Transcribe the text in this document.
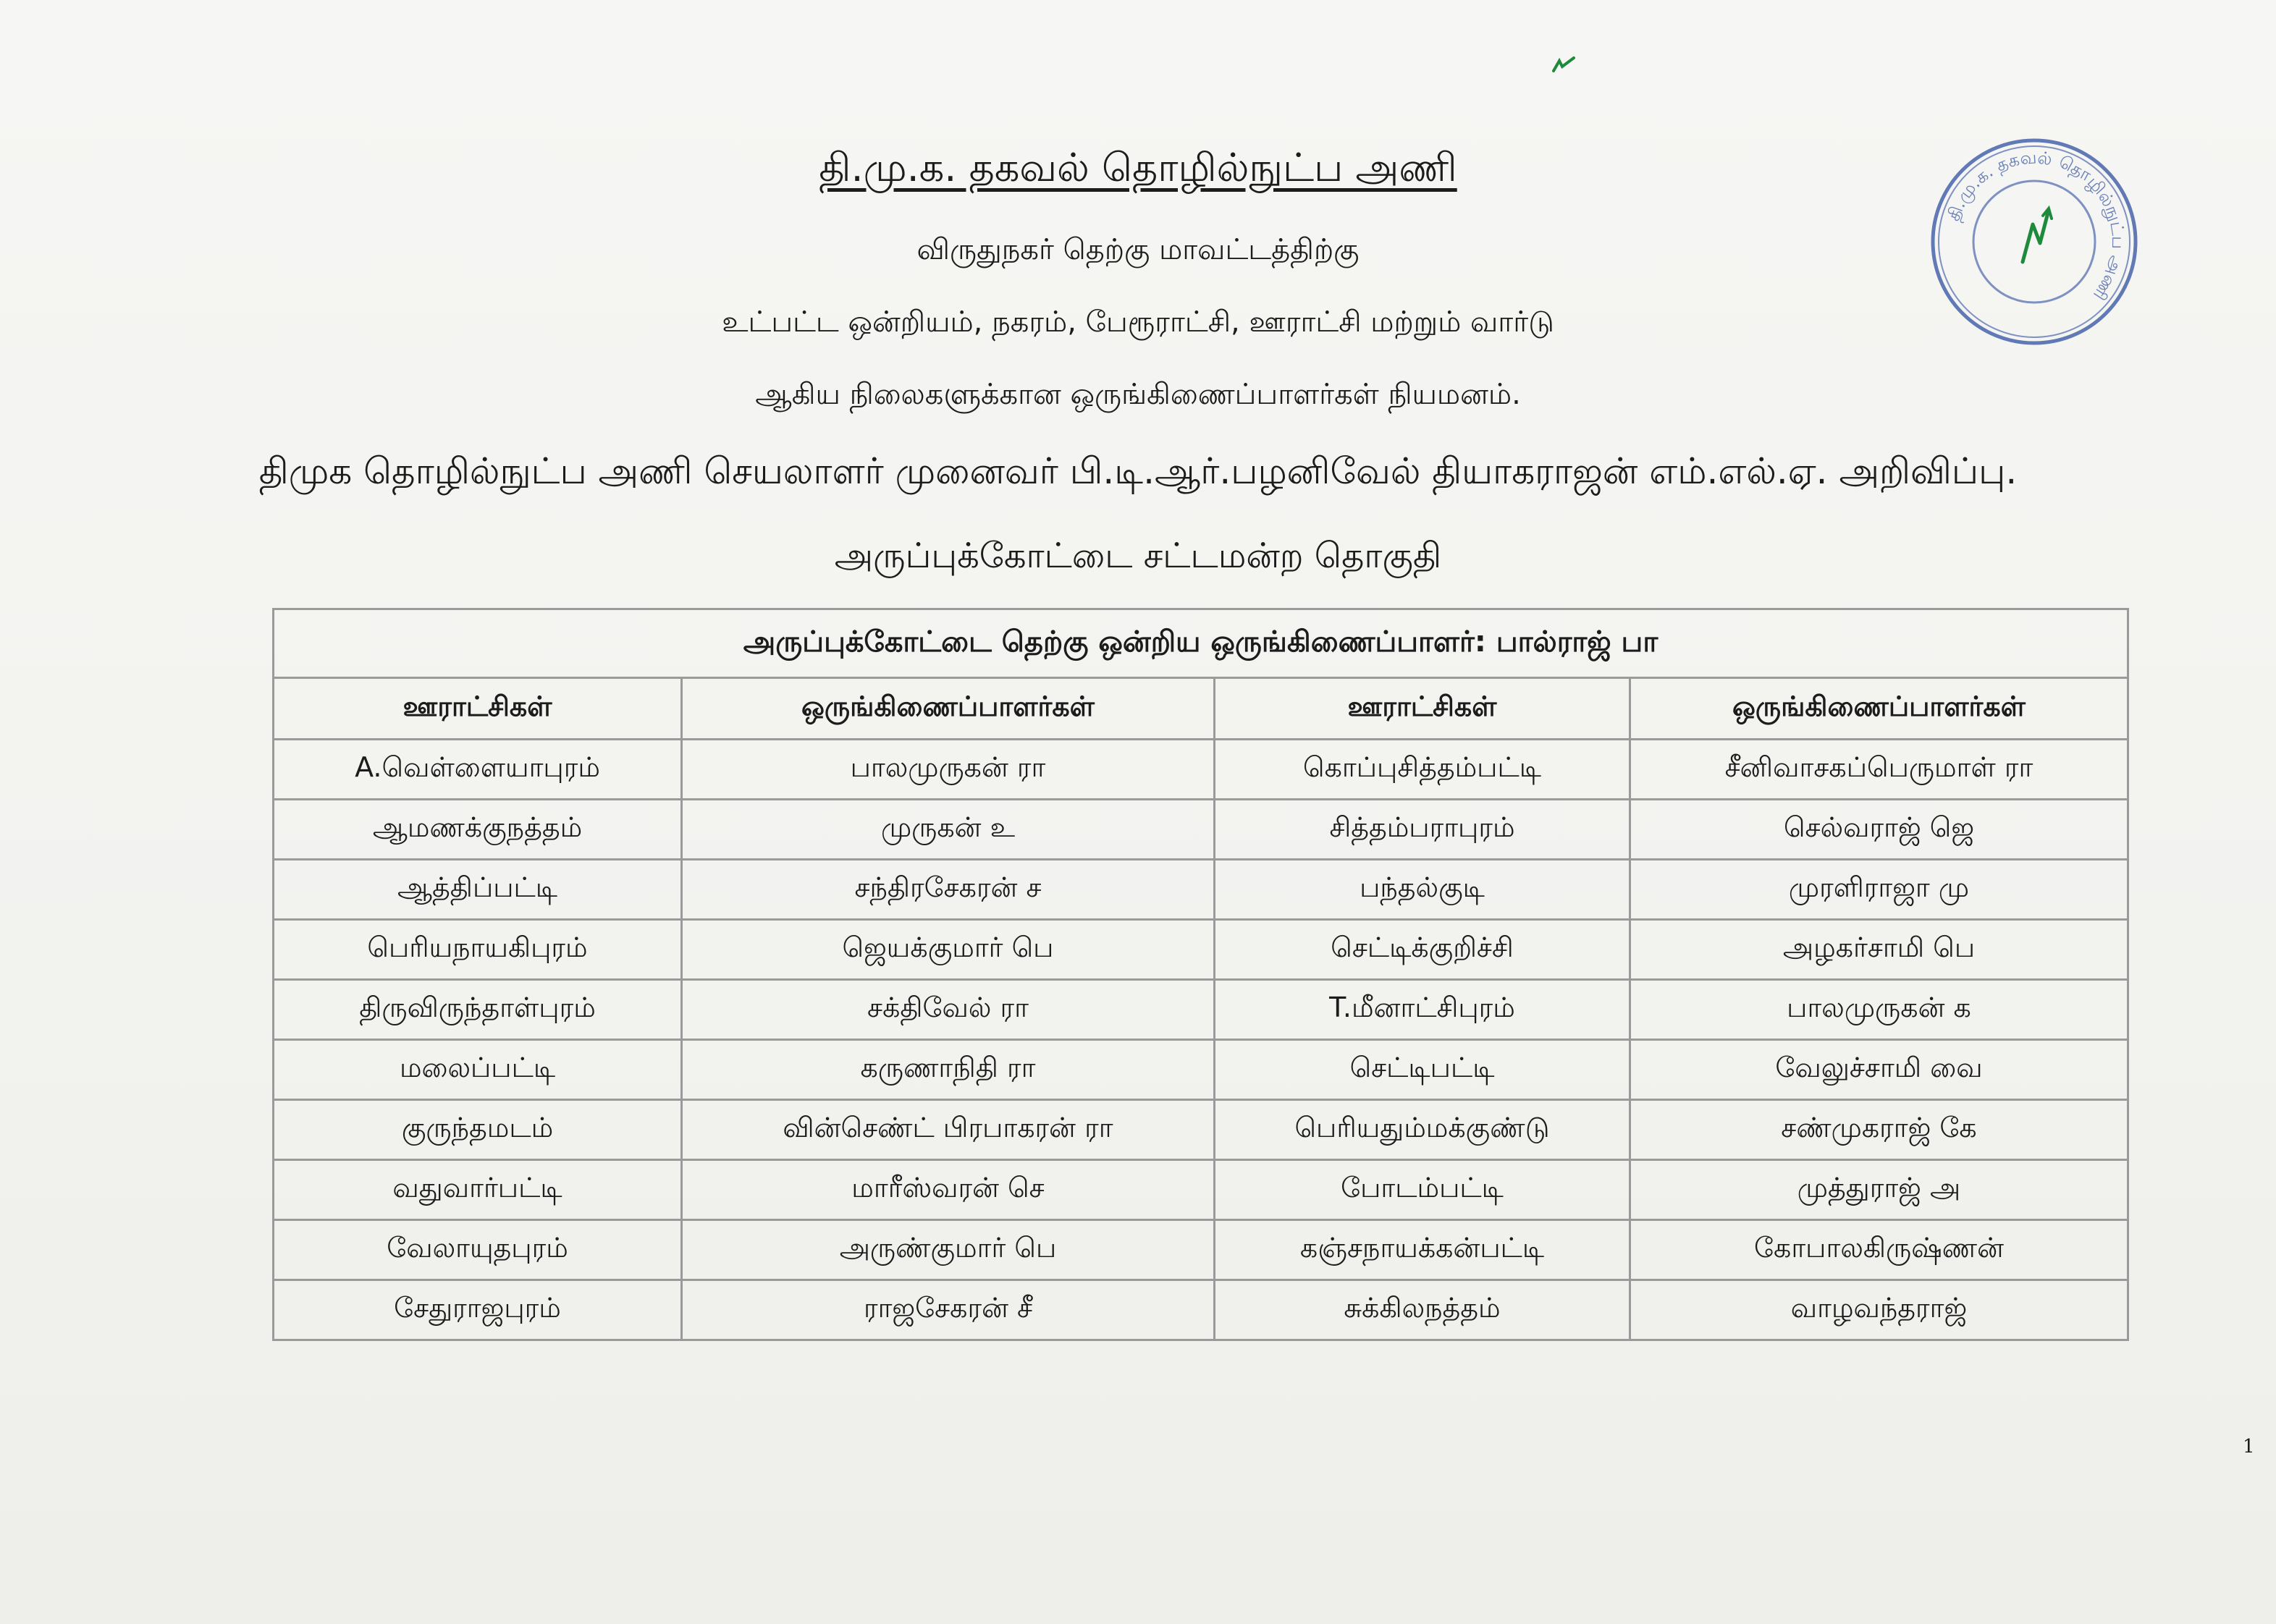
தி.மு.க. தகவல் தொழில்நுட்ப அணி
விருதுநகர் தெற்கு மாவட்டத்திற்கு
உட்பட்ட ஒன்றியம், நகரம், பேரூராட்சி, ஊராட்சி மற்றும் வார்டு
ஆகிய நிலைகளுக்கான ஒருங்கிணைப்பாளர்கள் நியமனம்.
திமுக தொழில்நுட்ப அணி செயலாளர் முனைவர் பி.டி.ஆர்.பழனிவேல் தியாகராஜன் எம்.எல்.ஏ. அறிவிப்பு.
அருப்புக்கோட்டை சட்டமன்ற தொகுதி
தி.மு.க. தகவல் தொழில்நுட்ப அணி
அருப்புக்கோட்டை தெற்கு ஒன்றிய ஒருங்கிணைப்பாளர்: பால்ராஜ் பா			
ஊராட்சிகள்	ஒருங்கிணைப்பாளர்கள்	ஊராட்சிகள்	ஒருங்கிணைப்பாளர்கள்
A.வெள்ளையாபுரம்	பாலமுருகன் ரா	கொப்புசித்தம்பட்டி	சீனிவாசகப்பெருமாள் ரா
ஆமணக்குநத்தம்	முருகன் உ	சித்தம்பராபுரம்	செல்வராஜ் ஜெ
ஆத்திப்பட்டி	சந்திரசேகரன் ச	பந்தல்குடி	முரளிராஜா மு
பெரியநாயகிபுரம்	ஜெயக்குமார் பெ	செட்டிக்குறிச்சி	அழகர்சாமி பெ
திருவிருந்தாள்புரம்	சக்திவேல் ரா	T.மீனாட்சிபுரம்	பாலமுருகன் க
மலைப்பட்டி	கருணாநிதி ரா	செட்டிபட்டி	வேலுச்சாமி வை
குருந்தமடம்	வின்செண்ட் பிரபாகரன் ரா	பெரியதும்மக்குண்டு	சண்முகராஜ் கே
வதுவார்பட்டி	மாரீஸ்வரன் செ	போடம்பட்டி	முத்துராஜ் அ
வேலாயுதபுரம்	அருண்குமார் பெ	கஞ்சநாயக்கன்பட்டி	கோபாலகிருஷ்ணன்
சேதுராஜபுரம்	ராஜசேகரன் சீ	சுக்கிலநத்தம்	வாழவந்தராஜ்
1
